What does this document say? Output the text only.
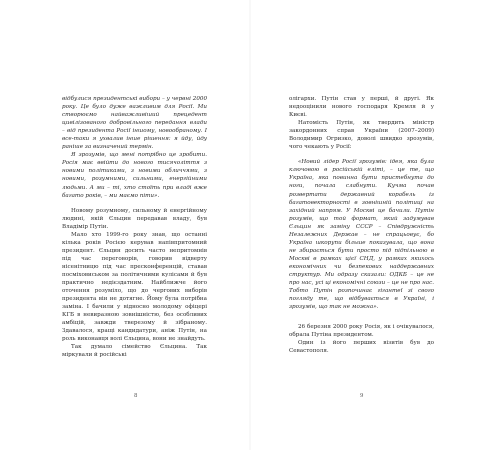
відбулися президентські вибори – у червні 2000 року. Це було дуже важливим для Росії. Ми створюємо найважливіший прецедент цивілізованого добровільного передання влади – від президента Росії іншому, новообраному. І все-таки я ухвалив інше рішення: я йду, йду раніше за визначений термін.

Я зрозумів, що мені потрібно це зробити. Росія має ввійти до нового тисячоліття з новими політиками, з новими обличчями, з новими, розумними, сильними, енергійними людьми. А ми – ті, хто стоїть при владі вже багато років, – ми маємо піти».

Новому розумному, сильному й енергійному людині, якій Єльцин передавав владу, був Владімір Путін.

Мало хто 1999-го року знав, що останні кілька років Росією керував напівпритомний президент. Єльцин досить часто непритомнів під час переговорів, говорив відверту нісенітницю під час пресконференцій, ставав посміховиськом за політичними кулісами й був практично недієздатним. Найближче його оточення розуміло, що до чергових виборів президента він не дотягне. Йому була потрібна заміна. І бачили у відносно молодому офіцері КГБ в невиразною зовнішністю, без особливих амбіцій, завжди тверезому й зібраному. Здавалося, кращі кандидатури, аніж Путін, на роль виконавця волі Єльцина, вони не знайдуть.

Так думало сімейство Єльцина. Так міркували й російські

8

олігархи. Путін став у перші, й другі. Як недооцінили нового господаря Кремля й у Києві.

Натомість Путін, як твердить міністр закордонних справ України (2007–2009) Володимир Огризко, доволі швидко зрозумів, чого чекають у Росії:

«Новий лідер Росії зрозумів: ідея, яка була ключовою в російській еліті, – це те, що Україна, яка повинна бути пристебнута до ноги, почала слабнути. Кучма почав розвертати державний корабель із багатовекторності в зовнішній політиці на західний напрям. У Москві це бачили. Путін розумів, що той формат, який задумував Єльцин як заміну СССР – Співдружність Незалежних Держав – не спрацьовує, бо Україна шкорупи більше показувала, що вона не збирається бути просто під підпільною в Москві в рамках цієї СНД, у рамках якихось економічних чи безпекових наддержавних структур. Ми одразу сказали: ОДКБ – це не про нас, усі ці економічні союзи – це не про нас. Тобто Путін розпочинає гігантеї зі свого погляду те, що відбувається в Україні, і зрозумів, що так не можна».

26 березня 2000 року Росія, як і очікувалося, обрала Путіна президентом.

Один із його перших візитів був до Севастополя.

9
